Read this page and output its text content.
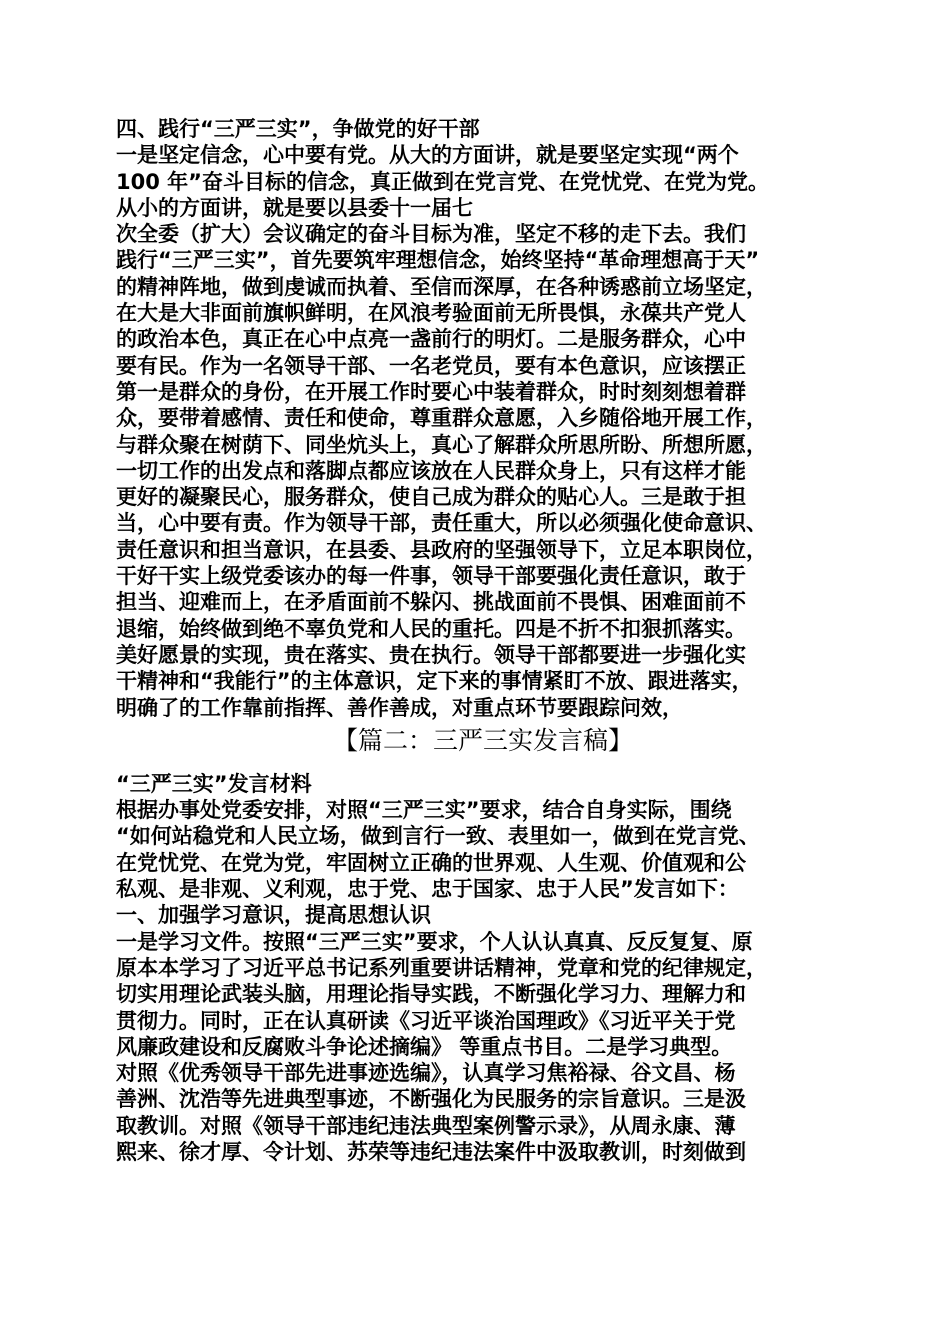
四、践行“三严三实”，争做党的好干部
一是坚定信念，心中要有党。从大的方面讲，就是要坚定实现“两个
100 年”奋斗目标的信念，真正做到在党言党、在党忧党、在党为党。
从小的方面讲，就是要以县委十一届七
次全委（扩大）会议确定的奋斗目标为准，坚定不移的走下去。我们
践行“三严三实”，首先要筑牢理想信念，始终坚持“革命理想高于天”
的精神阵地，做到虔诚而执着、至信而深厚，在各种诱惑前立场坚定，
在大是大非面前旗帜鲜明，在风浪考验面前无所畏惧，永葆共产党人
的政治本色，真正在心中点亮一盏前行的明灯。二是服务群众，心中
要有民。作为一名领导干部、一名老党员，要有本色意识，应该摆正
第一是群众的身份，在开展工作时要心中装着群众，时时刻刻想着群
众，要带着感情、责任和使命，尊重群众意愿，入乡随俗地开展工作，
与群众聚在树荫下、同坐炕头上，真心了解群众所思所盼、所想所愿，
一切工作的出发点和落脚点都应该放在人民群众身上，只有这样才能
更好的凝聚民心，服务群众，使自己成为群众的贴心人。三是敢于担
当，心中要有责。作为领导干部，责任重大，所以必须强化使命意识、
责任意识和担当意识，在县委、县政府的坚强领导下，立足本职岗位，
干好干实上级党委该办的每一件事，领导干部要强化责任意识，敢于
担当、迎难而上，在矛盾面前不躲闪、挑战面前不畏惧、困难面前不
退缩，始终做到绝不辜负党和人民的重托。四是不折不扣狠抓落实。
美好愿景的实现，贵在落实、贵在执行。领导干部都要进一步强化实
干精神和“我能行”的主体意识，定下来的事情紧盯不放、跟进落实，
明确了的工作靠前指挥、善作善成，对重点环节要跟踪问效，
【篇二：三严三实发言稿】
“三严三实”发言材料
根据办事处党委安排，对照“三严三实”要求，结合自身实际，围绕
“如何站稳党和人民立场，做到言行一致、表里如一，做到在党言党、
在党忧党、在党为党，牢固树立正确的世界观、人生观、价值观和公
私观、是非观、义利观，忠于党、忠于国家、忠于人民”发言如下：
一、加强学习意识，提高思想认识
一是学习文件。按照“三严三实”要求，个人认认真真、反反复复、原
原本本学习了习近平总书记系列重要讲话精神，党章和党的纪律规定，
切实用理论武装头脑，用理论指导实践，不断强化学习力、理解力和
贯彻力。同时，正在认真研读《习近平谈治国理政》《习近平关于党
风廉政建设和反腐败斗争论述摘编》 等重点书目。二是学习典型。
对照《优秀领导干部先进事迹选编》，认真学习焦裕禄、谷文昌、杨
善洲、沈浩等先进典型事迹，不断强化为民服务的宗旨意识。三是汲
取教训。对照《领导干部违纪违法典型案例警示录》，从周永康、薄
熙来、徐才厚、令计划、苏荣等违纪违法案件中汲取教训，时刻做到
